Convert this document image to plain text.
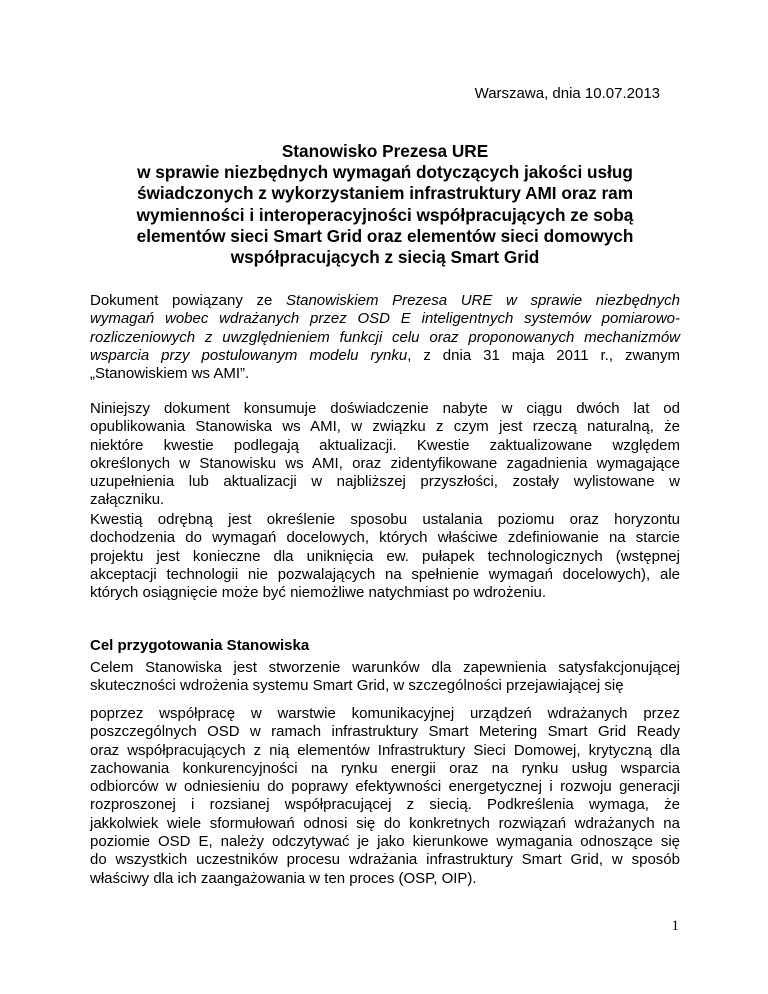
Warszawa, dnia 10.07.2013
Stanowisko Prezesa URE
w sprawie niezbędnych wymagań dotyczących jakości usług
świadczonych z wykorzystaniem infrastruktury AMI oraz ram
wymienności i interoperacyjności współpracujących ze sobą
elementów sieci Smart Grid oraz elementów sieci domowych
współpracujących z siecią Smart Grid

Dokument powiązany ze Stanowiskiem Prezesa URE w sprawie niezbędnych
wymagań wobec wdrażanych przez OSD E inteligentnych systemów pomiarowo-
rozliczeniowych z uwzględnieniem funkcji celu oraz proponowanych mechanizmów
wsparcia przy postulowanym modelu rynku, z dnia 31 maja 2011 r., zwanym
„Stanowiskiem ws AMI”.

Niniejszy dokument konsumuje doświadczenie nabyte w ciągu dwóch lat od
opublikowania Stanowiska ws AMI, w związku z czym jest rzeczą naturalną, że
niektóre kwestie podlegają aktualizacji. Kwestie zaktualizowane względem
określonych w Stanowisku ws AMI, oraz zidentyfikowane zagadnienia wymagające
uzupełnienia lub aktualizacji w najbliższej przyszłości, zostały wylistowane w
załączniku.

Kwestią odrębną jest określenie sposobu ustalania poziomu oraz horyzontu
dochodzenia do wymagań docelowych, których właściwe zdefiniowanie na starcie
projektu jest konieczne dla uniknięcia ew. pułapek technologicznych (wstępnej
akceptacji technologii nie pozwalających na spełnienie wymagań docelowych), ale
których osiągnięcie może być niemożliwe natychmiast po wdrożeniu.

Cel przygotowania Stanowiska

Celem Stanowiska jest stworzenie warunków dla zapewnienia satysfakcjonującej
skuteczności wdrożenia systemu Smart Grid, w szczególności przejawiającej się

poprzez współpracę w warstwie komunikacyjnej urządzeń wdrażanych przez
poszczególnych OSD w ramach infrastruktury Smart Metering Smart Grid Ready
oraz współpracujących z nią elementów Infrastruktury Sieci Domowej, krytyczną dla
zachowania konkurencyjności na rynku energii oraz na rynku usług wsparcia
odbiorców w odniesieniu do poprawy efektywności energetycznej i rozwoju generacji
rozproszonej i rozsianej współpracującej z siecią. Podkreślenia wymaga, że
jakkolwiek wiele sformułowań odnosi się do konkretnych rozwiązań wdrażanych na
poziomie OSD E, należy odczytywać je jako kierunkowe wymagania odnoszące się
do wszystkich uczestników procesu wdrażania infrastruktury Smart Grid, w sposób
właściwy dla ich zaangażowania w ten proces (OSP, OIP).

1
